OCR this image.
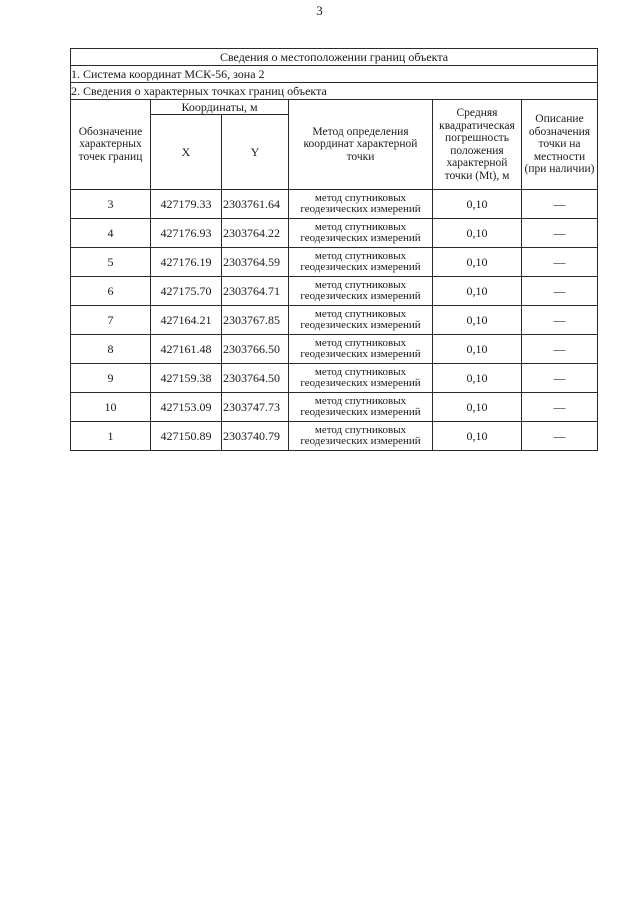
3
Сведения о местоположении границ объекта					
1. Система координат МСК-56, зона 2					
2. Сведения о характерных точках границ объекта					
Обозначение характерных точек границ	Координаты, м		Метод определения координат характерной точки	Средняя квадратическая погрешность положения характерной точки (Mt), м	Описание обозначения точки на местности (при наличии)
	X	Y			
3	427179.33	2303761.64	метод спутниковых геодезических измерений	0,10	—
4	427176.93	2303764.22	метод спутниковых геодезических измерений	0,10	—
5	427176.19	2303764.59	метод спутниковых геодезических измерений	0,10	—
6	427175.70	2303764.71	метод спутниковых геодезических измерений	0,10	—
7	427164.21	2303767.85	метод спутниковых геодезических измерений	0,10	—
8	427161.48	2303766.50	метод спутниковых геодезических измерений	0,10	—
9	427159.38	2303764.50	метод спутниковых геодезических измерений	0,10	—
10	427153.09	2303747.73	метод спутниковых геодезических измерений	0,10	—
1	427150.89	2303740.79	метод спутниковых геодезических измерений	0,10	—
